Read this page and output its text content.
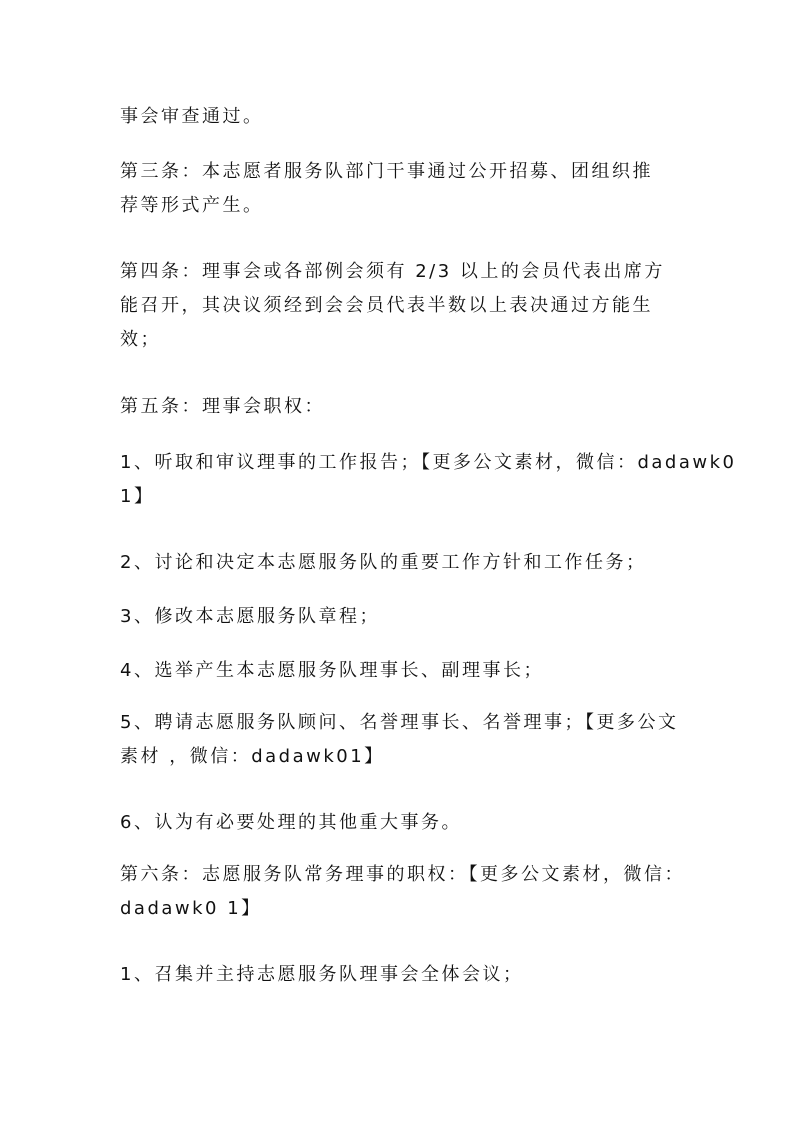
事会审查通过。
第三条：本志愿者服务队部门干事通过公开招募、团组织推
荐等形式产生。
第四条：理事会或各部例会须有 2/3 以上的会员代表出席方
能召开，其决议须经到会会员代表半数以上表决通过方能生
效；
第五条：理事会职权：
1、听取和审议理事的工作报告；【更多公文素材，微信：dadawk0
1】
2、讨论和决定本志愿服务队的重要工作方针和工作任务；
3、修改本志愿服务队章程；
4、选举产生本志愿服务队理事长、副理事长；
5、聘请志愿服务队顾问、名誉理事长、名誉理事；【更多公文
素材 ，微信：dadawk01】
6、认为有必要处理的其他重大事务。
第六条：志愿服务队常务理事的职权：【更多公文素材，微信：
dadawk0 1】
1、召集并主持志愿服务队理事会全体会议；
